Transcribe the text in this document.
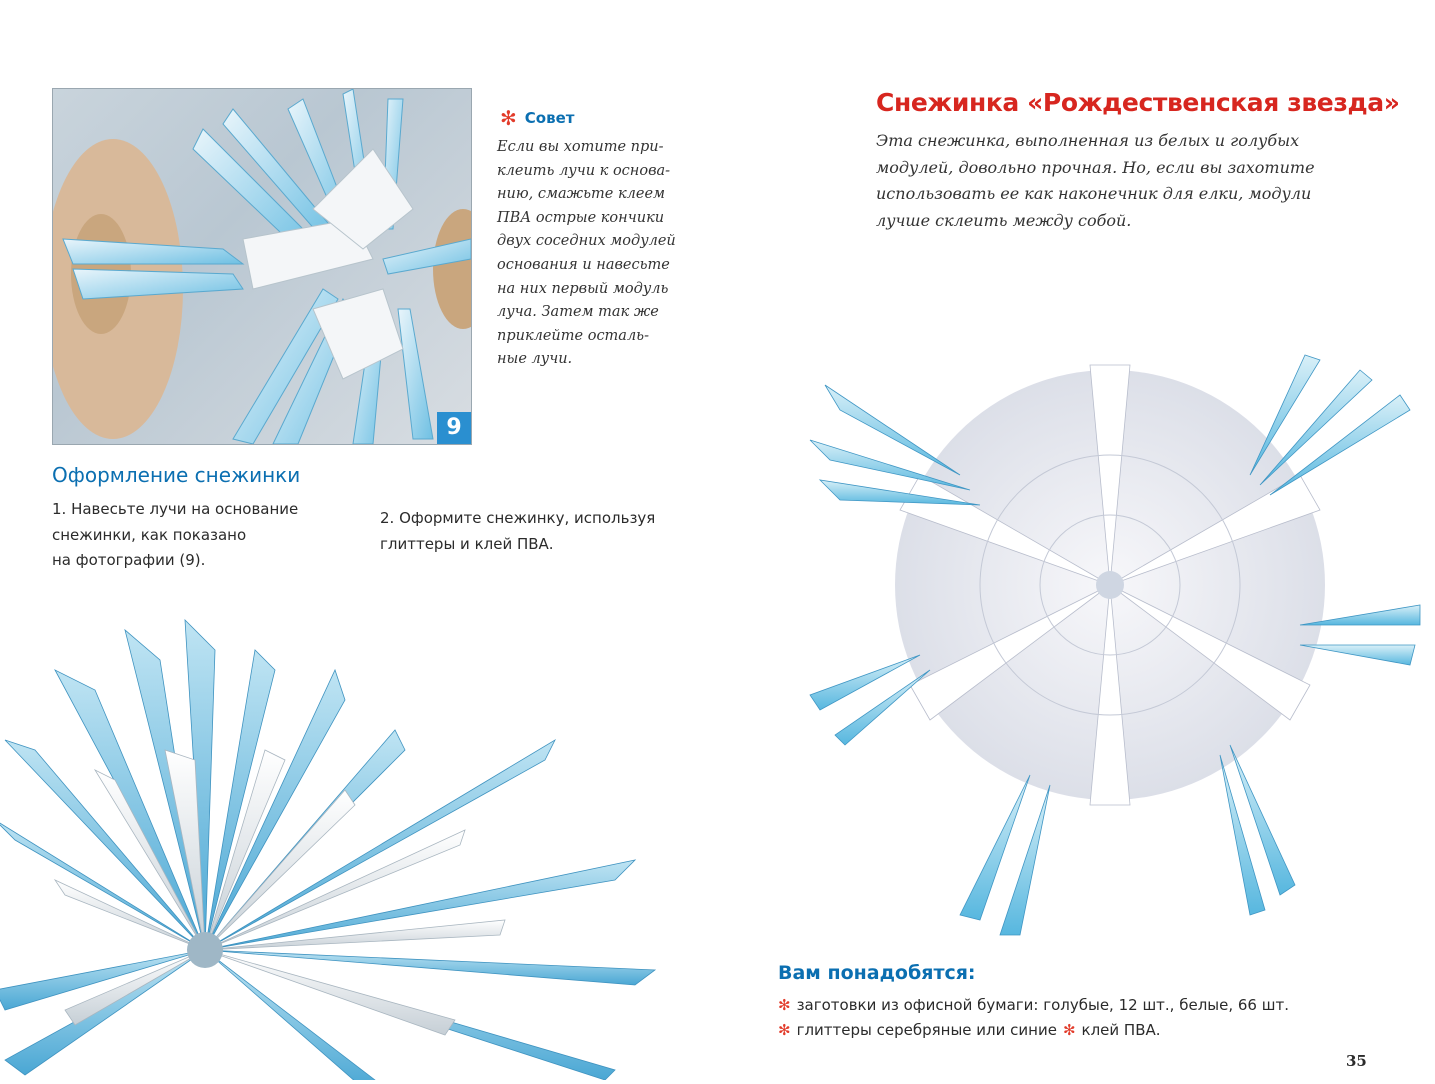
9
✻ Совет
Если вы хотите при-
клеить лучи к основа-
нию, смажьте клеем
ПВА острые кончики
двух соседних модулей
основания и навесьте
на них первый модуль
луча. Затем так же
приклейте осталь-
ные лучи.
Оформление снежинки
1. Навесьте лучи на основание
снежинки, как показано
на фотографии (9).
2. Оформите снежинку, используя
глиттеры и клей ПВА.
Снежинка «Рождественская звезда»
Эта снежинка, выполненная из белых и голубых
модулей, довольно прочная. Но, если вы захотите
использовать ее как наконечник для елки, модули
лучше склеить между собой.
Вам понадобятся:
✻ заготовки из офисной бумаги: голубые, 12 шт., белые, 66 шт.
✻ глиттеры серебряные или синие ✻ клей ПВА.
35
